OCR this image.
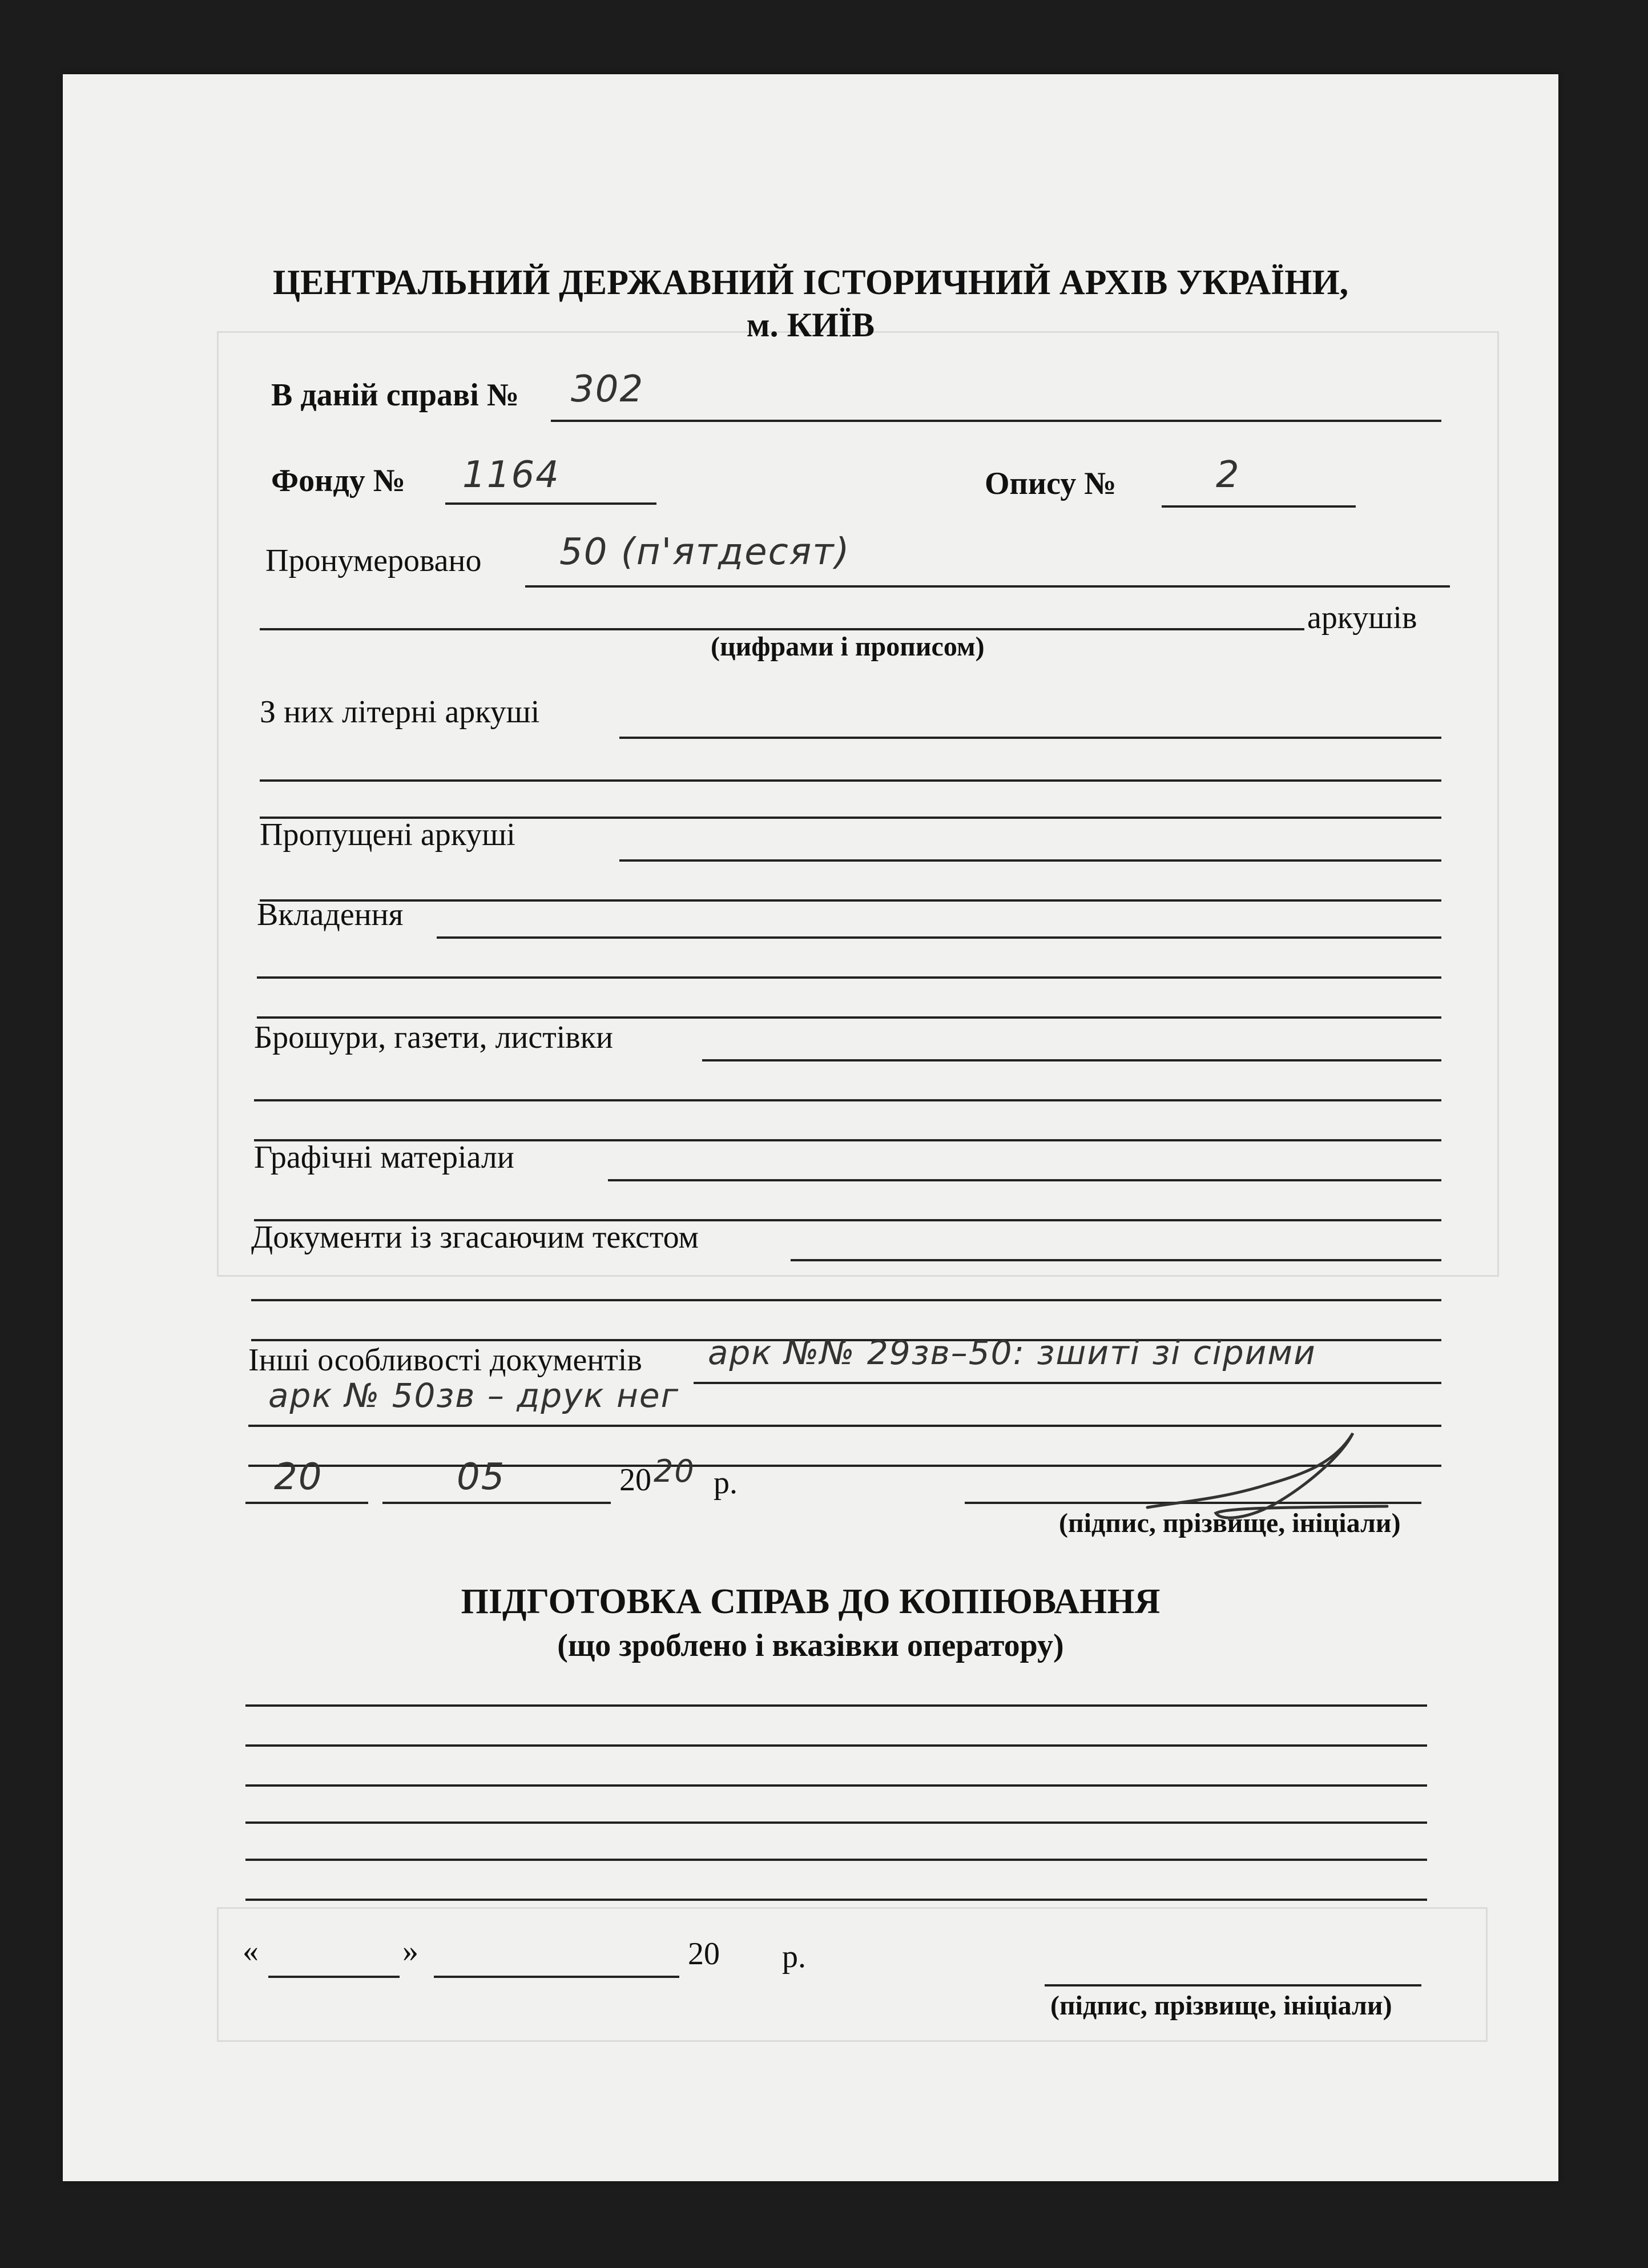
ЦЕНТРАЛЬНИЙ ДЕРЖАВНИЙ ІСТОРИЧНИЙ АРХІВ УКРАЇНИ,
м. КИЇВ
В даній справі № 302
Фонду № 1164	Опису №	2
Пронумеровано 50 (п'ятдесят)
аркушів
(цифрами і прописом)
З них літерні аркуші
Пропущені аркуші
Вкладення
Брошури, газети, листівки
Графічні матеріали
Документи із згасаючим текстом
Інші особливості документів арк №№ 29зв–50: зшиті зі сірими
арк № 50зв – друк нег
20	05	20 20 р.
(підпис, прізвище, ініціали)
ПІДГОТОВКА СПРАВ ДО КОПІЮВАННЯ
(що зроблено і вказівки оператору)
«	»	20 р.
(підпис, прізвище, ініціали)
